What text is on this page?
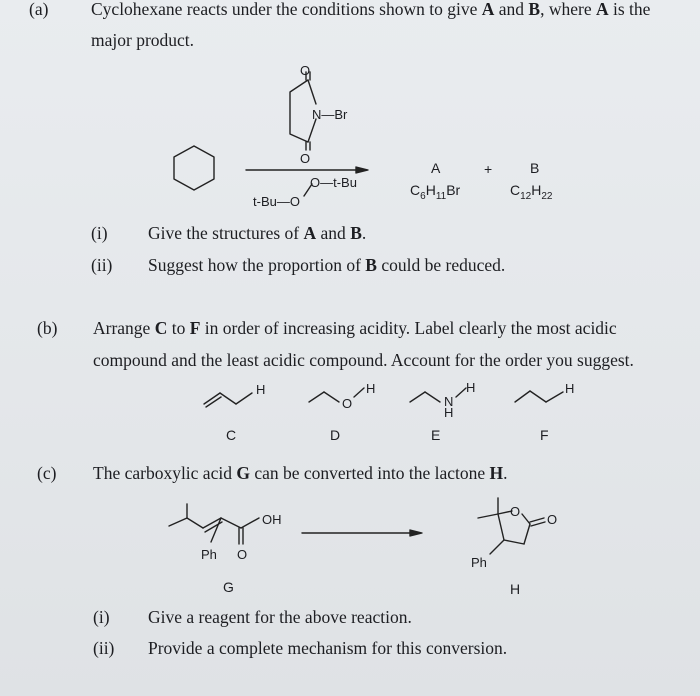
(a) Cyclohexane reacts under the conditions shown to give A and B, where A is the
major product.
O
N—Br
O
O—t-Bu
t-Bu—O
A
$C_6H_{11}Br$
+	B
$C_{12}H_{22}$
(i) Give the structures of A and B.
(ii) Suggest how the proportion of B could be reduced.
(b) Arrange C to F in order of increasing acidity. Label clearly the most acidic
compound and the least acidic compound. Account for the order you suggest.
H
O
H
N
H
H	H
C	D	E	F
(c) The carboxylic acid G can be converted into the lactone H.
OH
Ph O
O
O
Ph
G	H
(i) Give a reagent for the above reaction.
(ii) Provide a complete mechanism for this conversion.
